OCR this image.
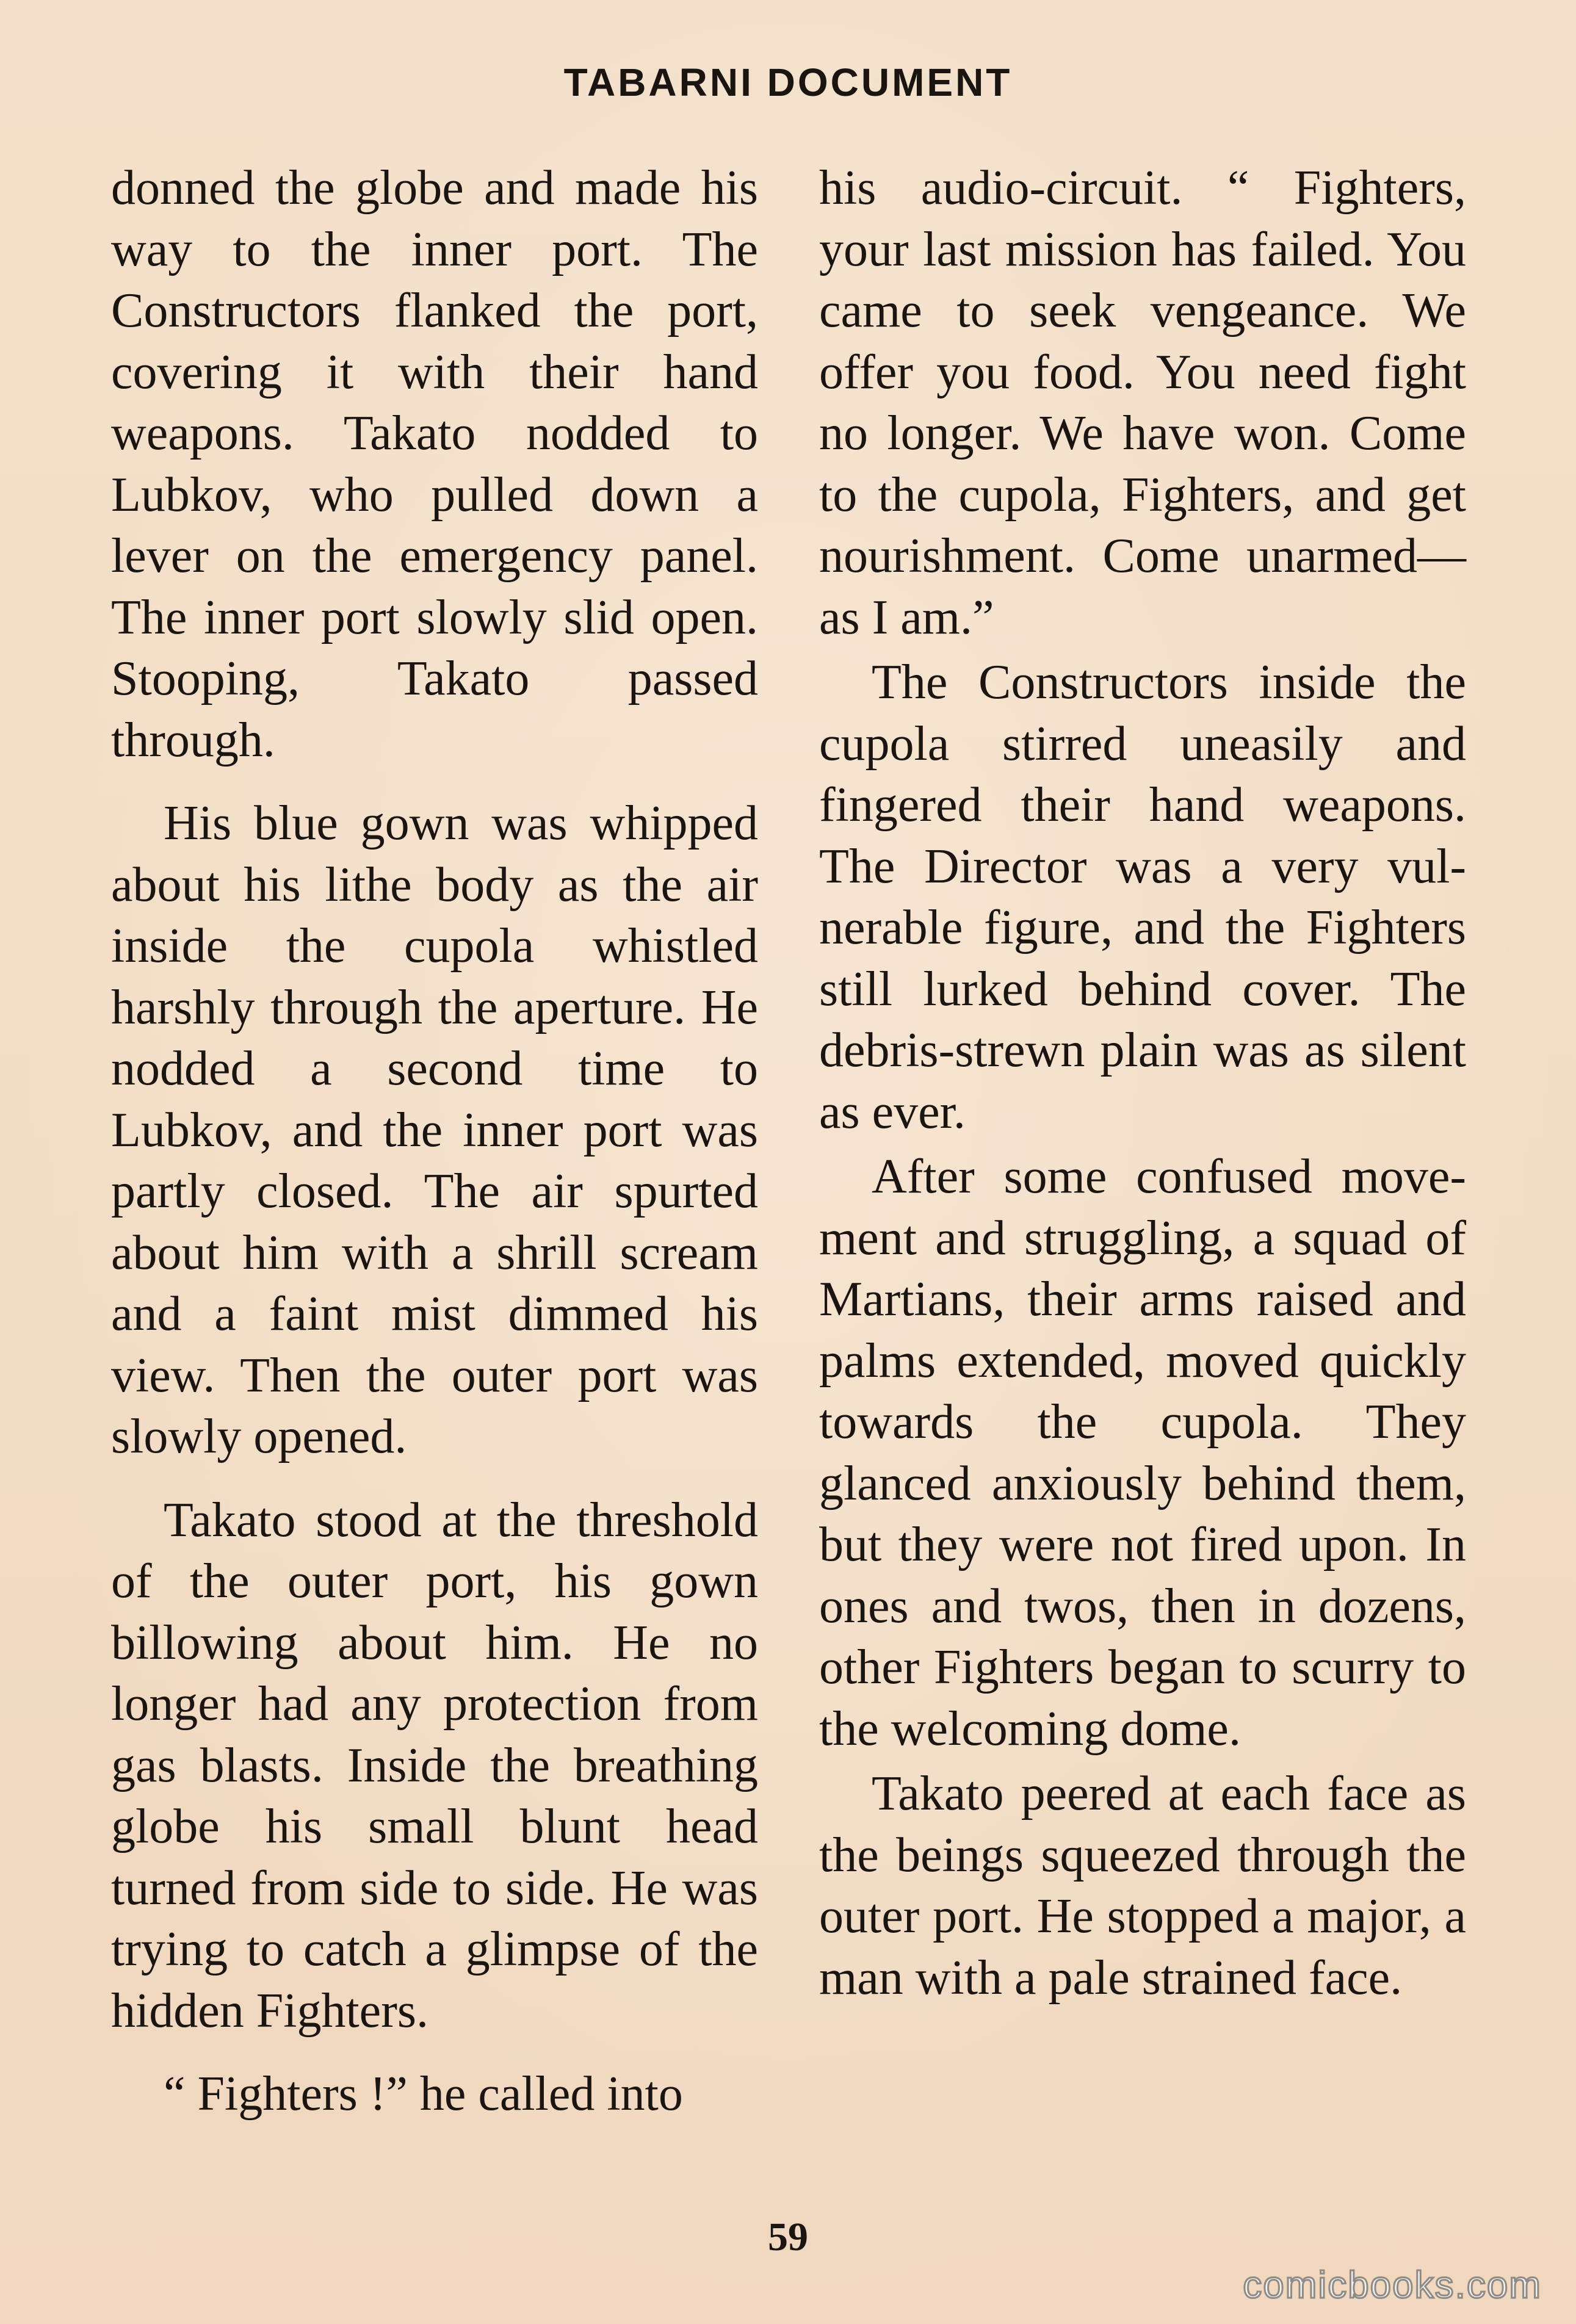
TABARNI DOCUMENT

donned the globe and made his way to the inner port. The Constructors flanked the port, covering it with their hand weapons. Takato nodded to Lubkov, who pulled down a lever on the emergency panel. The inner port slowly slid open. Stooping, Takato passed through.

His blue gown was whipped about his lithe body as the air inside the cupola whistled harshly through the aperture. He nodded a second time to Lubkov, and the inner port was partly closed. The air spurted about him with a shrill scream and a faint mist dimmed his view. Then the outer port was slowly opened.

Takato stood at the threshold of the outer port, his gown billowing about him. He no longer had any protection from gas blasts. Inside the breathing globe his small blunt head turned from side to side. He was trying to catch a glimpse of the hidden Fighters.

“ Fighters !” he called into

his audio-circuit. “ Fighters, your last mission has failed. You came to seek vengeance. We offer you food. You need fight no longer. We have won. Come to the cupola, Fighters, and get nourishment. Come unarmed—as I am.”

The Constructors inside the cupola stirred uneasily and fingered their hand weapons. The Director was a very vulnerable figure, and the Fighters still lurked behind cover. The debris-strewn plain was as silent as ever.

After some confused movement and struggling, a squad of Martians, their arms raised and palms extended, moved quickly towards the cupola. They glanced anxiously behind them, but they were not fired upon. In ones and twos, then in dozens, other Fighters began to scurry to the welcoming dome.

Takato peered at each face as the beings squeezed through the outer port. He stopped a major, a man with a pale strained face.

59
comicbooks.com
